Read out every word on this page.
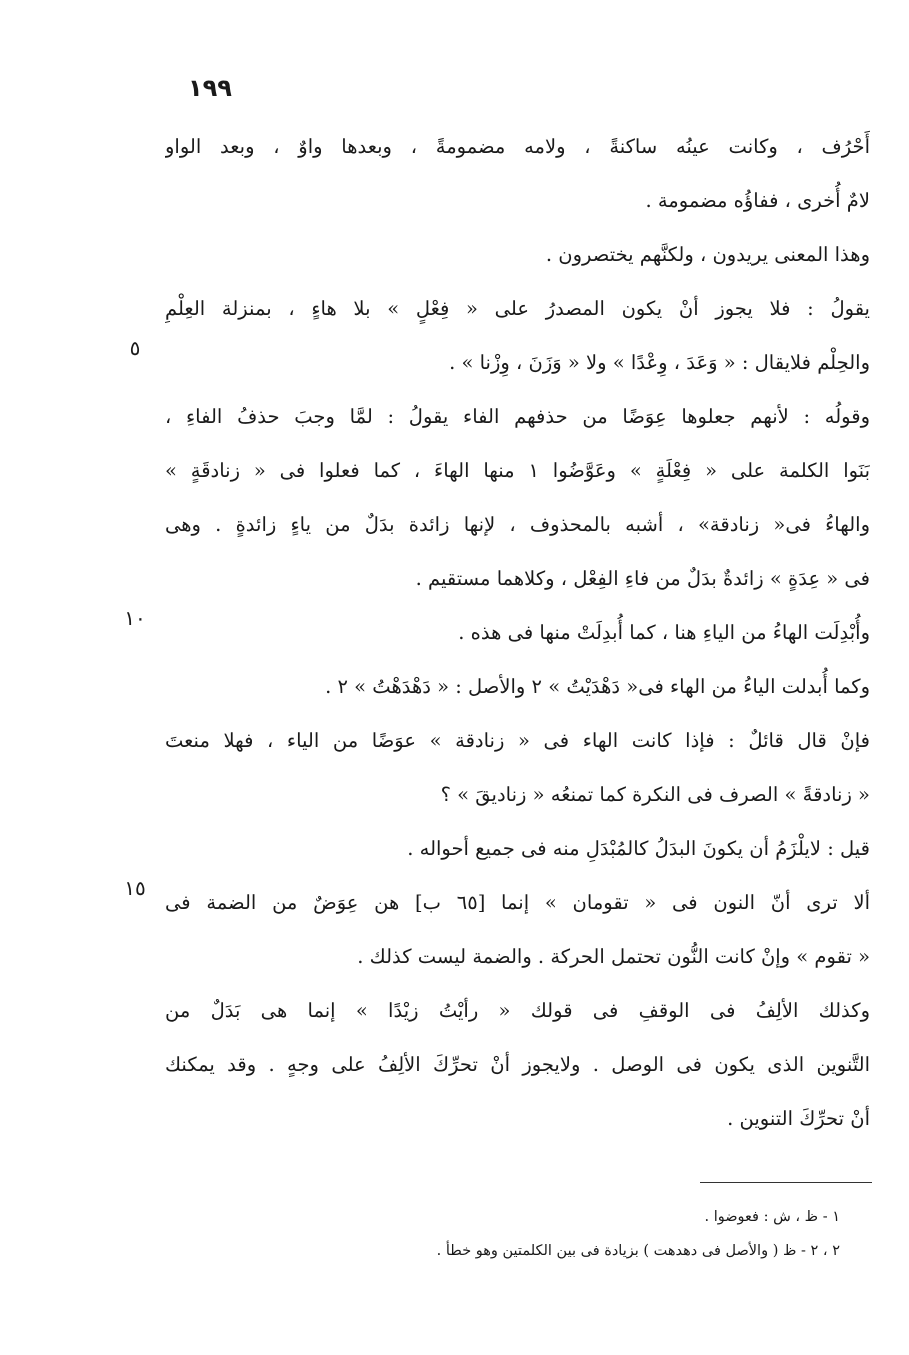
١٩٩
أَحْرُف ، وكانت عينُه ساكنةً ، ولامه مضمومةً ، وبعدها واوٌ ، وبعد الواو
لامٌ أُخرى ، ففاؤُه مضمومة .
وهذا المعنى يريدون ، ولكنَّهم يختصرون .
يقولُ : فلا يجوز أنْ يكون المصدرُ على « فِعْلٍ » بلا هاءٍ ، بمنزلة العِلْمِ
والحِلْم فلايقال : « وَعَدَ ، وِعْدًا » ولا « وَزَنَ ، وِزْنا » .
وقولُه : لأنهم جعلوها عِوَضًا من حذفهم الفاء يقولُ : لمَّا وجبَ حذفُ الفاءِ ،
بَنَوا الكلمة على « فِعْلَةٍ » وعَوَّضُوا ١ منها الهاءَ ، كما فعلوا فى « زنادقَةٍ »
والهاءُ فى« زنادقة» ، أشبه بالمحذوف ، لإنها زائدة بدَلٌ من ياءٍ زائدةٍ . وهى
فى « عِدَةٍ » زائدةٌ بدَلٌ من فاءِ الفِعْل ، وكلاهما مستقيم .
وأُبْدِلَت الهاءُ من الياءِ هنا ، كما أُبدِلَتْ منها فى هذه .
وكما أُبدلت الياءُ من الهاء فى« دَهْدَيْتُ » ٢ والأصل : « دَهْدَهْتُ » ٢ .
فإنْ قال قائلٌ : فإذا كانت الهاء فى « زنادقة » عوَضًا من الياء ، فهلا منعتَ
« زنادقةً » الصرف فى النكرة كما تمنعُه « زناديقَ » ؟
قيل : لايلْزَمُ أن يكونَ البدَلُ كالمُبْدَلِ منه فى جميع أحواله .
ألا ترى أنّ النون فى « تقومان » إنما [٦٥ ب] هن عِوَضٌ من الضمة فى
« تقوم » وإنْ كانت النُّون تحتمل الحركة . والضمة ليست كذلك .
وكذلك الألِفُ فى الوقفِ فى قولك « رأيْتُ زيْدًا » إنما هى بَدَلٌ من
التَّنوين الذى يكون فى الوصل . ولايجوز أنْ تحرِّكَ الألِفُ على وجهٍ . وقد يمكنك
أنْ تحرِّكَ التنوين .
٥
١٠
١٥
١ - ظ ، ش : فعوضوا .
٢ ، ٢ - ظ ( والأصل فى دهدهت ) بزيادة فى بين الكلمتين وهو خطأ .
